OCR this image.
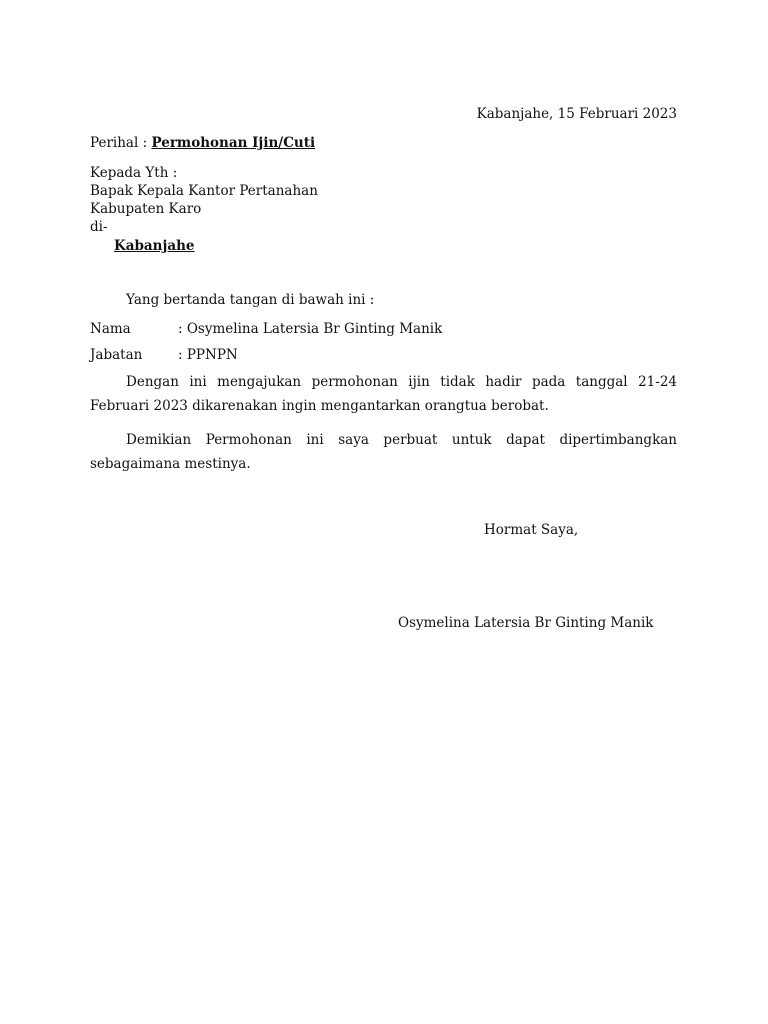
Kabanjahe, 15 Februari 2023
Perihal : Permohonan Ijin/Cuti
Kepada Yth :
Bapak Kepala Kantor Pertanahan
Kabupaten Karo
di-
Kabanjahe
Yang bertanda tangan di bawah ini :
Nama	: Osymelina Latersia Br Ginting Manik
Jabatan	: PPNPN
Dengan ini mengajukan permohonan ijin tidak hadir pada tanggal 21-24 Februari 2023 dikarenakan ingin mengantarkan orangtua berobat.
Demikian Permohonan ini saya perbuat untuk dapat dipertimbangkan sebagaimana mestinya.
Hormat Saya,
Osymelina Latersia Br Ginting Manik
